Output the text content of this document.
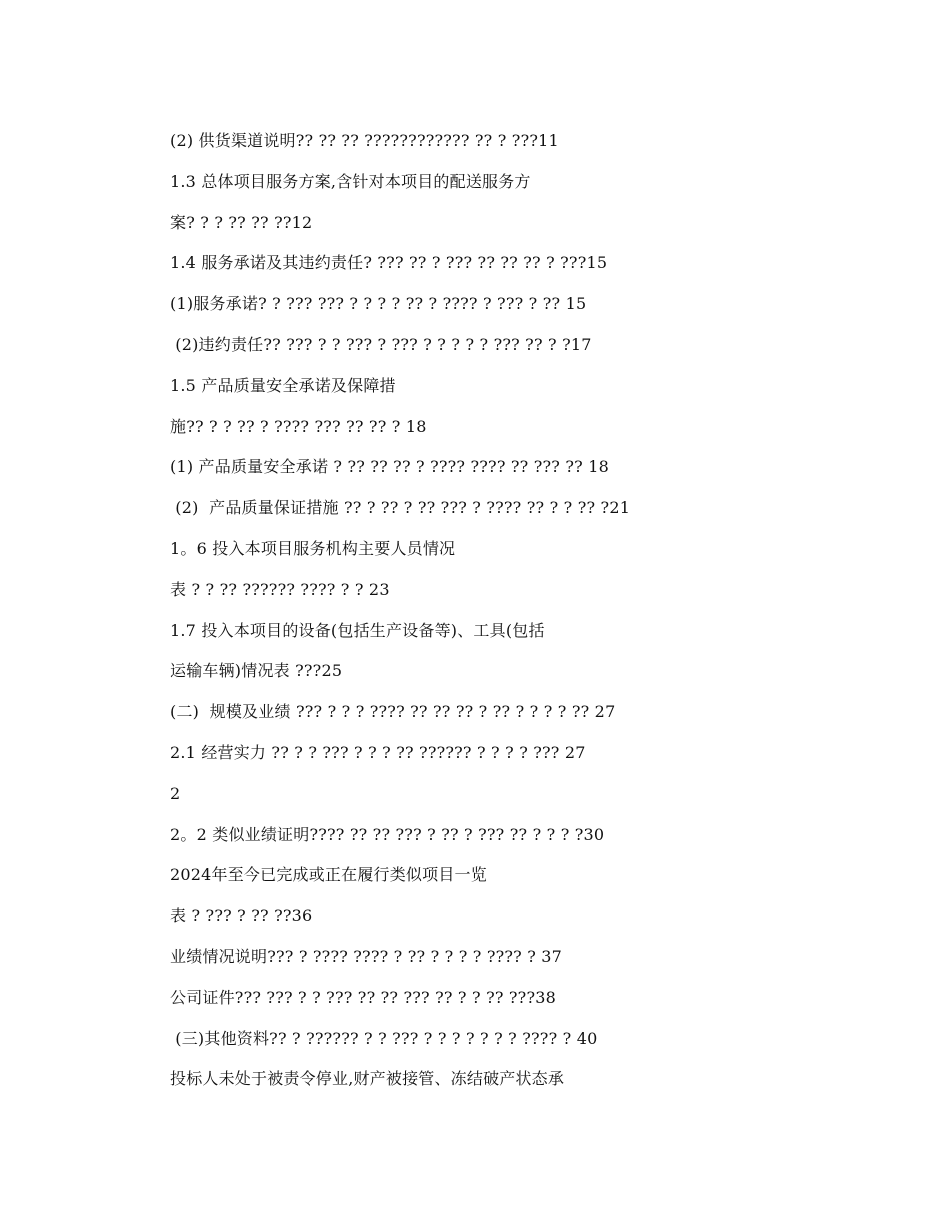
(2) 供货渠道说明?? ?? ?? ???????????? ?? ? ???11
1.3 总体项目服务方案,含针对本项目的配送服务方
案? ? ? ?? ?? ??12
1.4 服务承诺及其违约责任? ??? ?? ? ??? ?? ?? ?? ? ???15
(1)服务承诺? ? ??? ??? ? ? ? ? ?? ? ???? ? ??? ? ?? 15
(2)违约责任?? ??? ? ? ??? ? ??? ? ? ? ? ? ??? ?? ? ?17
1.5 产品质量安全承诺及保障措
施?? ? ? ?? ? ???? ??? ?? ?? ? 18
(1) 产品质量安全承诺 ? ?? ?? ?? ? ???? ???? ?? ??? ?? 18
(2)  产品质量保证措施 ?? ? ?? ? ?? ??? ? ???? ?? ? ? ?? ?21
1。6 投入本项目服务机构主要人员情况
表 ? ? ?? ?????? ???? ? ? 23
1.7 投入本项目的设备(包括生产设备等)、工具(包括
运输车辆)情况表 ???25
(二)  规模及业绩 ??? ? ? ? ???? ?? ?? ?? ? ?? ? ? ? ? ?? 27
2.1 经营实力 ?? ? ? ??? ? ? ? ?? ?????? ? ? ? ? ??? 27
2
2。2 类似业绩证明???? ?? ?? ??? ? ?? ? ??? ?? ? ? ? ?30
2024年至今已完成或正在履行类似项目一览
表 ? ??? ? ?? ??36
业绩情况说明??? ? ???? ???? ? ?? ? ? ? ? ???? ? 37
公司证件??? ??? ? ? ??? ?? ?? ??? ?? ? ? ?? ???38
(三)其他资料?? ? ?????? ? ? ??? ? ? ? ? ? ? ? ???? ? 40
投标人未处于被责令停业,财产被接管、冻结破产状态承
